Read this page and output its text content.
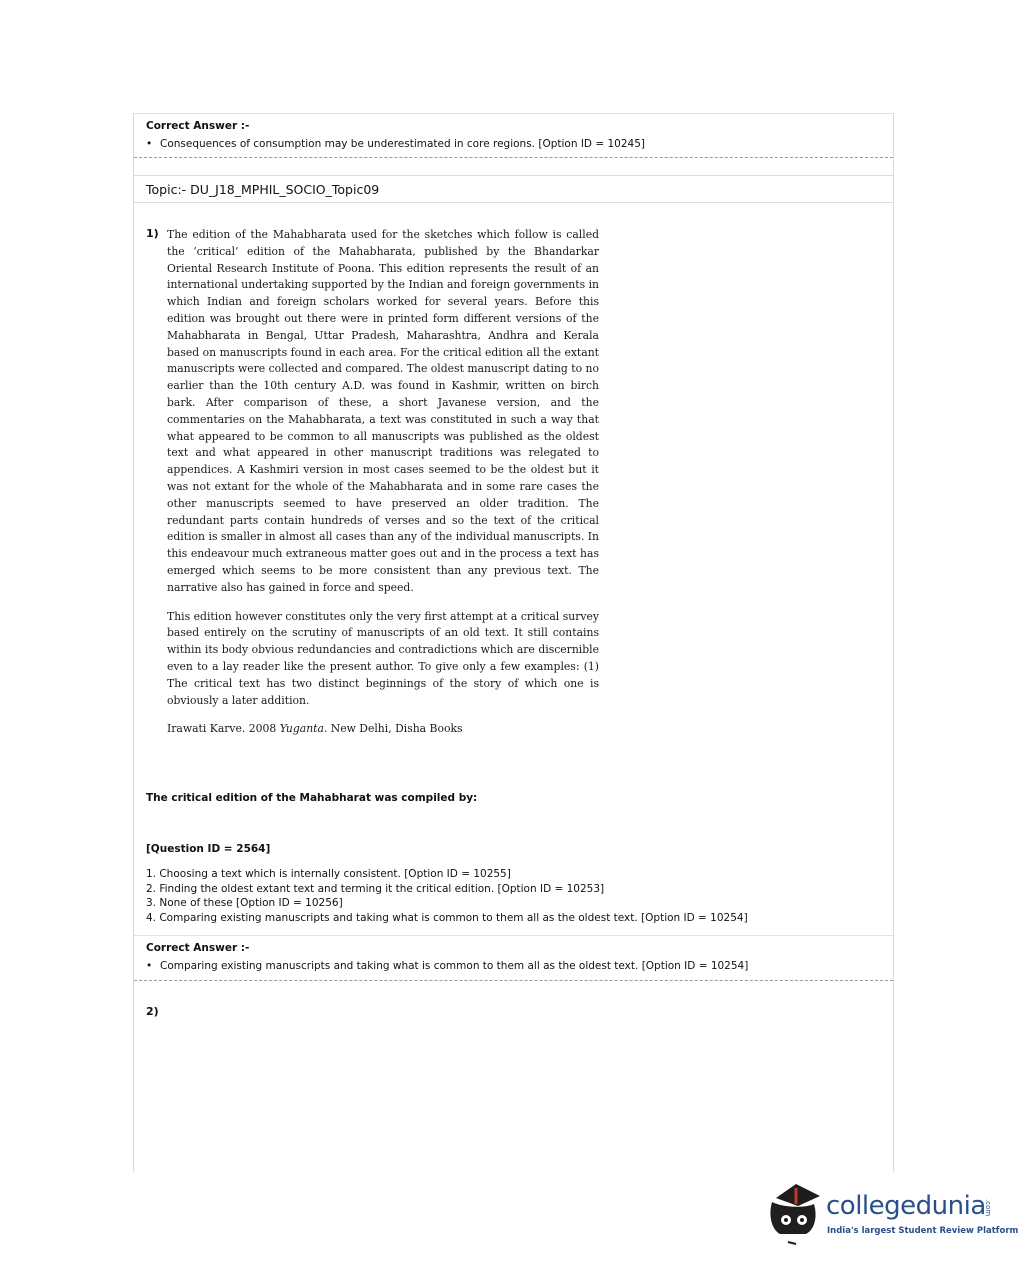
Correct Answer :-
• Consequences of consumption may be underestimated in core regions. [Option ID = 10245]
Topic:- DU_J18_MPHIL_SOCIO_Topic09
1) The edition of the Mahabharata used for the sketches which follow is called the ‘critical’ edition of the Mahabharata, published by the Bhandarkar Oriental Research Institute of Poona. This edition represents the result of an international undertaking supported by the Indian and foreign governments in which Indian and foreign scholars worked for several years. Before this edition was brought out there were in printed form different versions of the Mahabharata in Bengal, Uttar Pradesh, Maharashtra, Andhra and Kerala based on manuscripts found in each area. For the critical edition all the extant manuscripts were collected and compared. The oldest manuscript dating to no earlier than the 10th century A.D. was found in Kashmir, written on birch bark. After comparison of these, a short Javanese version, and the commentaries on the Mahabharata, a text was constituted in such a way that what appeared to be common to all manuscripts was published as the oldest text and what appeared in other manuscript traditions was relegated to appendices. A Kashmiri version in most cases seemed to be the oldest but it was not extant for the whole of the Mahabharata and in some rare cases the other manuscripts seemed to have preserved an older tradition. The redundant parts contain hundreds of verses and so the text of the critical edition is smaller in almost all cases than any of the individual manuscripts. In this endeavour much extraneous matter goes out and in the process a text has emerged which seems to be more consistent than any previous text. The narrative also has gained in force and speed.

This edition however constitutes only the very first attempt at a critical survey based entirely on the scrutiny of manuscripts of an old text. It still contains within its body obvious redundancies and contradictions which are discernible even to a lay reader like the present author. To give only a few examples: (1) The critical text has two distinct beginnings of the story of which one is obviously a later addition.

Irawati Karve. 2008 Yuganta. New Delhi, Disha Books

The critical edition of the Mahabharat was compiled by:
[Question ID = 2564]
1. Choosing a text which is internally consistent. [Option ID = 10255]
2. Finding the oldest extant text and terming it the critical edition. [Option ID = 10253]
3. None of these [Option ID = 10256]
4. Comparing existing manuscripts and taking what is common to them all as the oldest text. [Option ID = 10254]
Correct Answer :-
• Comparing existing manuscripts and taking what is common to them all as the oldest text. [Option ID = 10254]
2)
collegedunia
.com
India's largest Student Review Platform
